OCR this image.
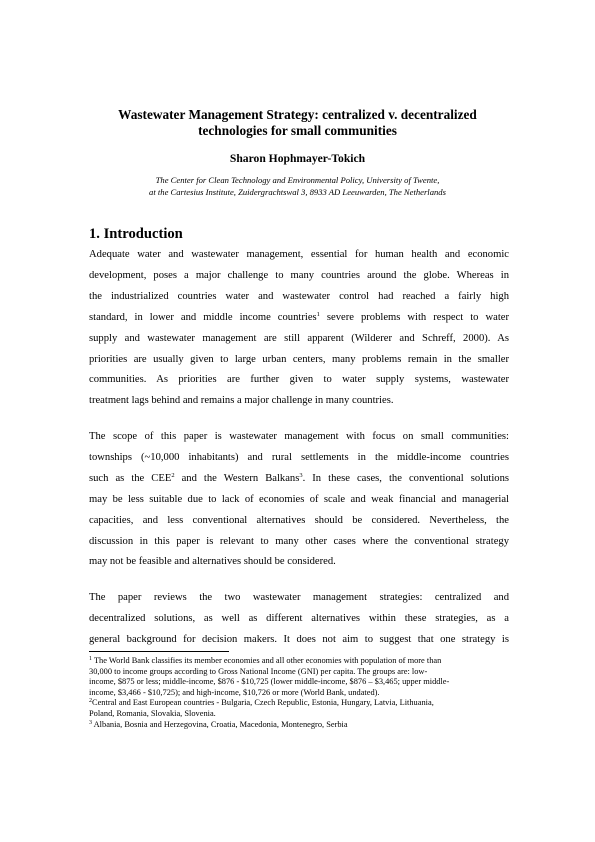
Wastewater Management Strategy: centralized v. decentralized
technologies for small communities
Sharon Hophmayer-Tokich
The Center for Clean Technology and Environmental Policy, University of Twente,
at the Cartesius Institute, Zuidergrachtswal 3, 8933 AD Leeuwarden, The Netherlands
1. Introduction
Adequate water and wastewater management, essential for human health and economic
development, poses a major challenge to many countries around the globe. Whereas in
the industrialized countries water and wastewater control had reached a fairly high
standard, in lower and middle income countries$^1$ severe problems with respect to water
supply and wastewater management are still apparent (Wilderer and Schreff, 2000). As
priorities are usually given to large urban centers, many problems remain in the smaller
communities. As priorities are further given to water supply systems, wastewater
treatment lags behind and remains a major challenge in many countries.
The scope of this paper is wastewater management with focus on small communities:
townships (~10,000 inhabitants) and rural settlements in the middle-income countries
such as the CEE$^2$ and the Western Balkans$^3$. In these cases, the conventional solutions
may be less suitable due to lack of economies of scale and weak financial and managerial
capacities, and less conventional alternatives should be considered. Nevertheless, the
discussion in this paper is relevant to many other cases where the conventional strategy
may not be feasible and alternatives should be considered.
The paper reviews the two wastewater management strategies: centralized and
decentralized solutions, as well as different alternatives within these strategies, as a
general background for decision makers. It does not aim to suggest that one strategy is
$^1$ The World Bank classifies its member economies and all other economies with population of more than
30,000 to income groups according to Gross National Income (GNI) per capita. The groups are: low-
income, $875 or less; middle-income, $876 - $10,725 (lower middle-income, $876 – $3,465; upper middle-
income, $3,466 - $10,725); and high-income, $10,726 or more (World Bank, undated).
$^2$Central and East European countries - Bulgaria, Czech Republic, Estonia, Hungary, Latvia, Lithuania,
Poland, Romania, Slovakia, Slovenia.
$^3$ Albania, Bosnia and Herzegovina, Croatia, Macedonia, Montenegro, Serbia
